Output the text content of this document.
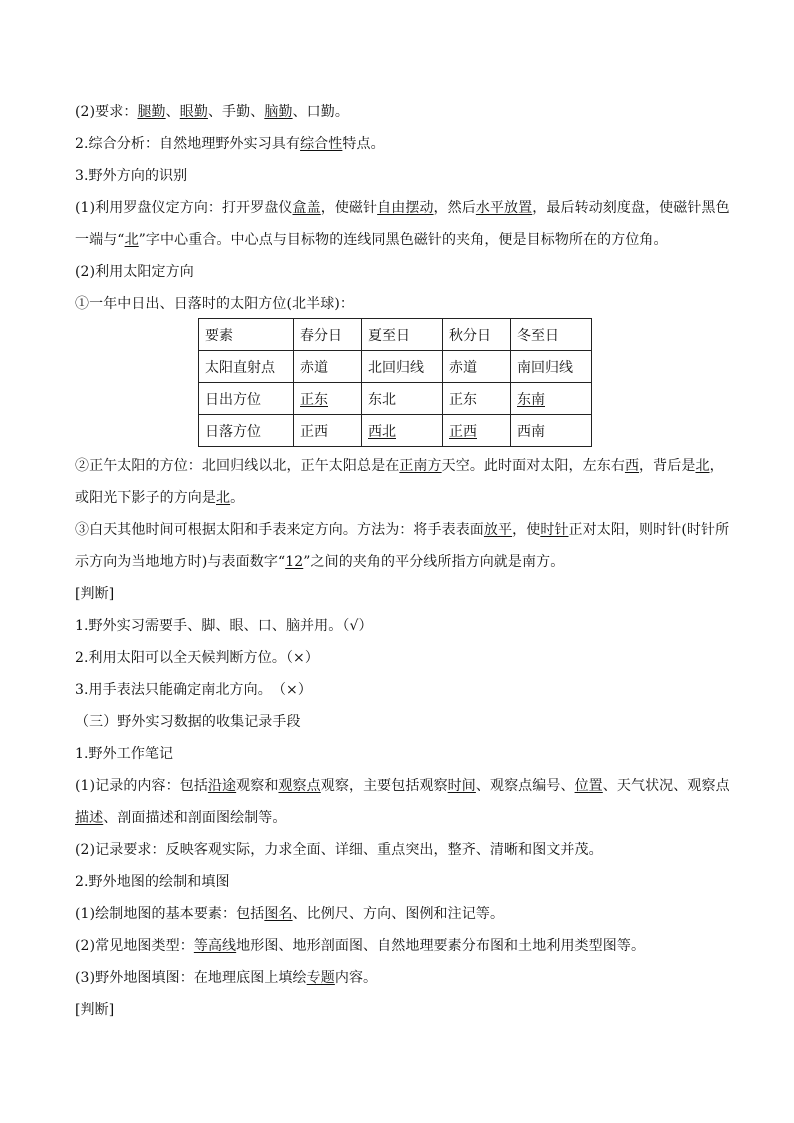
(2)要求：腿勤、眼勤、手勤、脑勤、口勤。
2.综合分析：自然地理野外实习具有综合性特点。
3.野外方向的识别
(1)利用罗盘仪定方向：打开罗盘仪盒盖，使磁针自由摆动，然后水平放置，最后转动刻度盘，使磁针黑色
一端与“北”字中心重合。中心点与目标物的连线同黑色磁针的夹角，便是目标物所在的方位角。
(2)利用太阳定方向
①一年中日出、日落时的太阳方位(北半球)：
要素	春分日	夏至日	秋分日	冬至日
太阳直射点	赤道	北回归线	赤道	南回归线
日出方位	正东	东北	正东	东南
日落方位	正西	西北	正西	西南
②正午太阳的方位：北回归线以北，正午太阳总是在正南方天空。此时面对太阳，左东右西，背后是北，
或阳光下影子的方向是北。
③白天其他时间可根据太阳和手表来定方向。方法为：将手表表面放平，使时针正对太阳，则时针(时针所
示方向为当地地方时)与表面数字“12”之间的夹角的平分线所指方向就是南方。
[判断]
1.野外实习需要手、脚、眼、口、脑并用。（√）
2.利用太阳可以全天候判断方位。（×）
3.用手表法只能确定南北方向。　（×）
（三）野外实习数据的收集记录手段
1.野外工作笔记
(1)记录的内容：包括沿途观察和观察点观察，主要包括观察时间、观察点编号、位置、天气状况、观察点
描述、剖面描述和剖面图绘制等。
(2)记录要求：反映客观实际，力求全面、详细、重点突出，整齐、清晰和图文并茂。
2.野外地图的绘制和填图
(1)绘制地图的基本要素：包括图名、比例尺、方向、图例和注记等。
(2)常见地图类型：等高线地形图、地形剖面图、自然地理要素分布图和土地利用类型图等。
(3)野外地图填图：在地理底图上填绘专题内容。
[判断]
